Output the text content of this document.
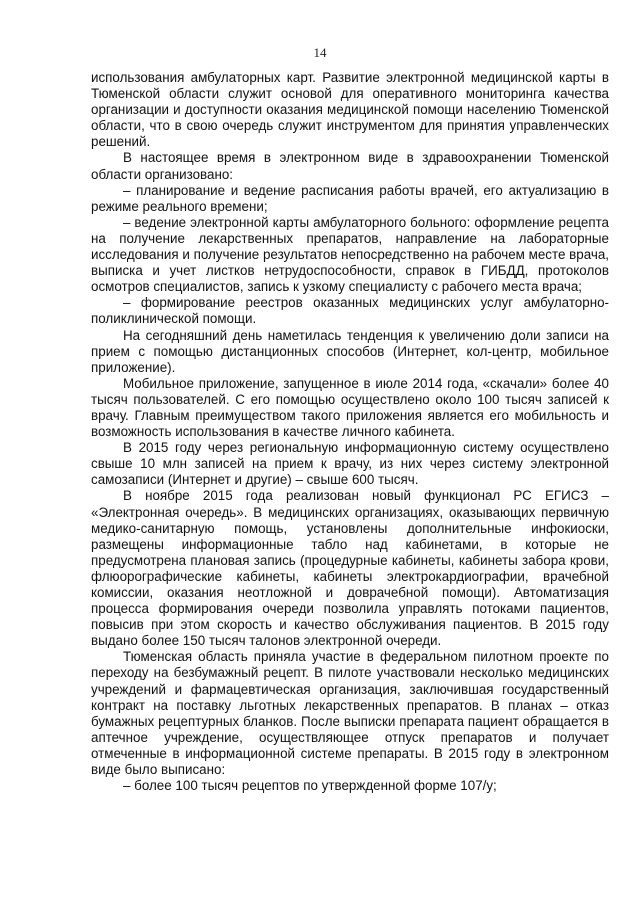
14

использования амбулаторных карт. Развитие электронной медицинской карты в Тюменской области служит основой для оперативного мониторинга качества организации и доступности оказания медицинской помощи населению Тюменской области, что в свою очередь служит инструментом для принятия управленческих решений.

В настоящее время в электронном виде в здравоохранении Тюменской области организовано:

– планирование и ведение расписания работы врачей, его актуализацию в режиме реального времени;

– ведение электронной карты амбулаторного больного: оформление рецепта на получение лекарственных препаратов, направление на лабораторные исследования и получение результатов непосредственно на рабочем месте врача, выписка и учет листков нетрудоспособности, справок в ГИБДД, протоколов осмотров специалистов, запись к узкому специалисту с рабочего места врача;

– формирование реестров оказанных медицинских услуг амбулаторно-поликлинической помощи.

На сегодняшний день наметилась тенденция к увеличению доли записи на прием с помощью дистанционных способов (Интернет, кол-центр, мобильное приложение).

Мобильное приложение, запущенное в июле 2014 года, «скачали» более 40 тысяч пользователей. С его помощью осуществлено около 100 тысяч записей к врачу. Главным преимуществом такого приложения является его мобильность и возможность использования в качестве личного кабинета.

В 2015 году через региональную информационную систему осуществлено свыше 10 млн записей на прием к врачу, из них через систему электронной самозаписи (Интернет и другие) – свыше 600 тысяч.

В ноябре 2015 года реализован новый функционал РС ЕГИСЗ – «Электронная очередь». В медицинских организациях, оказывающих первичную медико-санитарную помощь, установлены дополнительные инфокиоски, размещены информационные табло над кабинетами, в которые не предусмотрена плановая запись (процедурные кабинеты, кабинеты забора крови, флюорографические кабинеты, кабинеты электрокардиографии, врачебной комиссии, оказания неотложной и доврачебной помощи). Автоматизация процесса формирования очереди позволила управлять потоками пациентов, повысив при этом скорость и качество обслуживания пациентов. В 2015 году выдано более 150 тысяч талонов электронной очереди.

Тюменская область приняла участие в федеральном пилотном проекте по переходу на безбумажный рецепт. В пилоте участвовали несколько медицинских учреждений и фармацевтическая организация, заключившая государственный контракт на поставку льготных лекарственных препаратов. В планах – отказ бумажных рецептурных бланков. После выписки препарата пациент обращается в аптечное учреждение, осуществляющее отпуск препаратов и получает отмеченные в информационной системе препараты. В 2015 году в электронном виде было выписано:

– более 100 тысяч рецептов по утвержденной форме 107/у;
